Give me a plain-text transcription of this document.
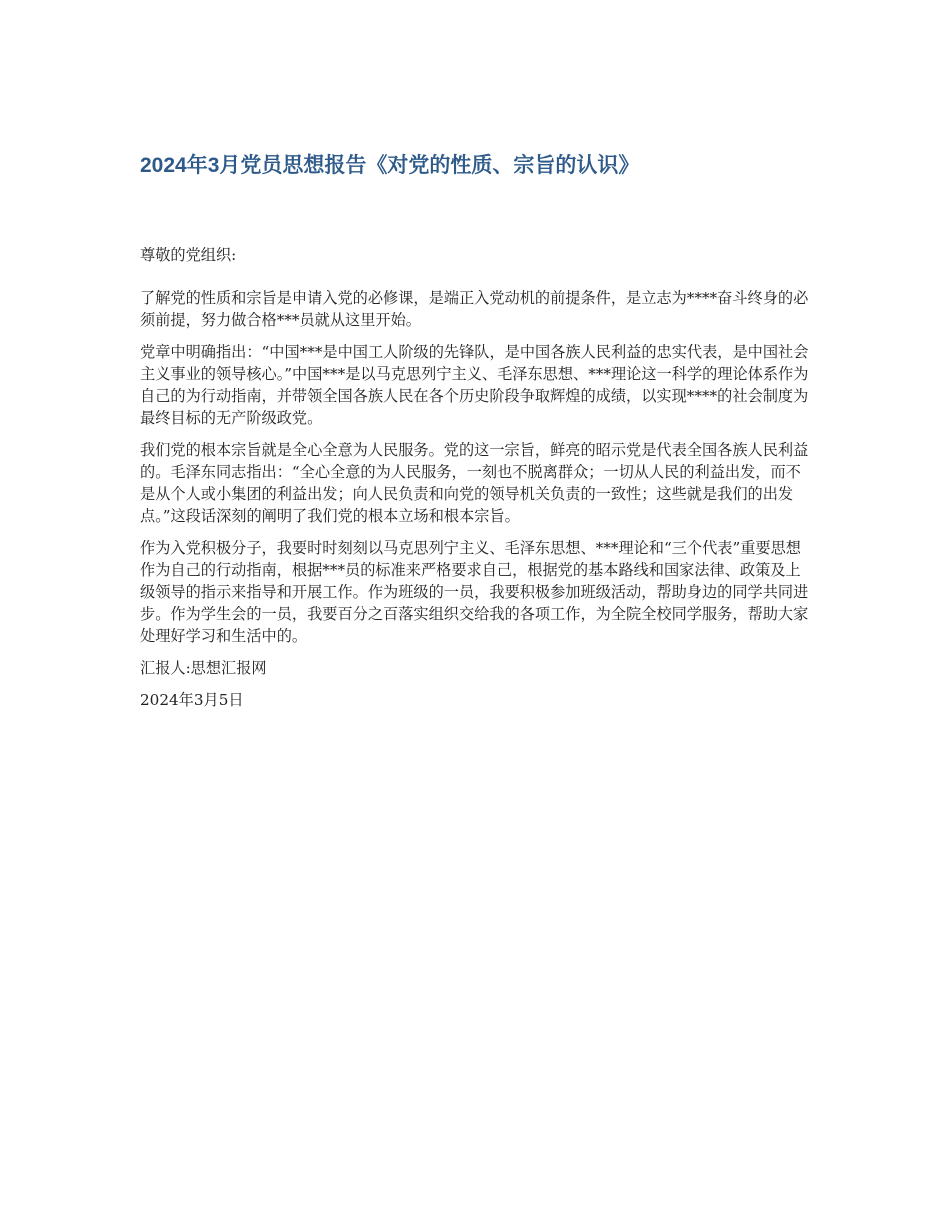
2024年3月党员思想报告《对党的性质、宗旨的认识》

尊敬的党组织:

了解党的性质和宗旨是申请入党的必修课，是端正入党动机的前提条件，是立志为****奋斗终身的必须前提，努力做合格***员就从这里开始。

党章中明确指出：“中国***是中国工人阶级的先锋队，是中国各族人民利益的忠实代表，是中国社会主义事业的领导核心。”中国***是以马克思列宁主义、毛泽东思想、***理论这一科学的理论体系作为自己的为行动指南，并带领全国各族人民在各个历史阶段争取辉煌的成绩，以实现****的社会制度为最终目标的无产阶级政党。

我们党的根本宗旨就是全心全意为人民服务。党的这一宗旨，鲜亮的昭示党是代表全国各族人民利益的。毛泽东同志指出：“全心全意的为人民服务，一刻也不脱离群众；一切从人民的利益出发，而不是从个人或小集团的利益出发；向人民负责和向党的领导机关负责的一致性；这些就是我们的出发点。”这段话深刻的阐明了我们党的根本立场和根本宗旨。

作为入党积极分子，我要时时刻刻以马克思列宁主义、毛泽东思想、***理论和“三个代表”重要思想作为自己的行动指南，根据***员的标准来严格要求自己，根据党的基本路线和国家法律、政策及上级领导的指示来指导和开展工作。作为班级的一员，我要积极参加班级活动，帮助身边的同学共同进步。作为学生会的一员，我要百分之百落实组织交给我的各项工作，为全院全校同学服务，帮助大家处理好学习和生活中的。

汇报人:思想汇报网

2024年3月5日
